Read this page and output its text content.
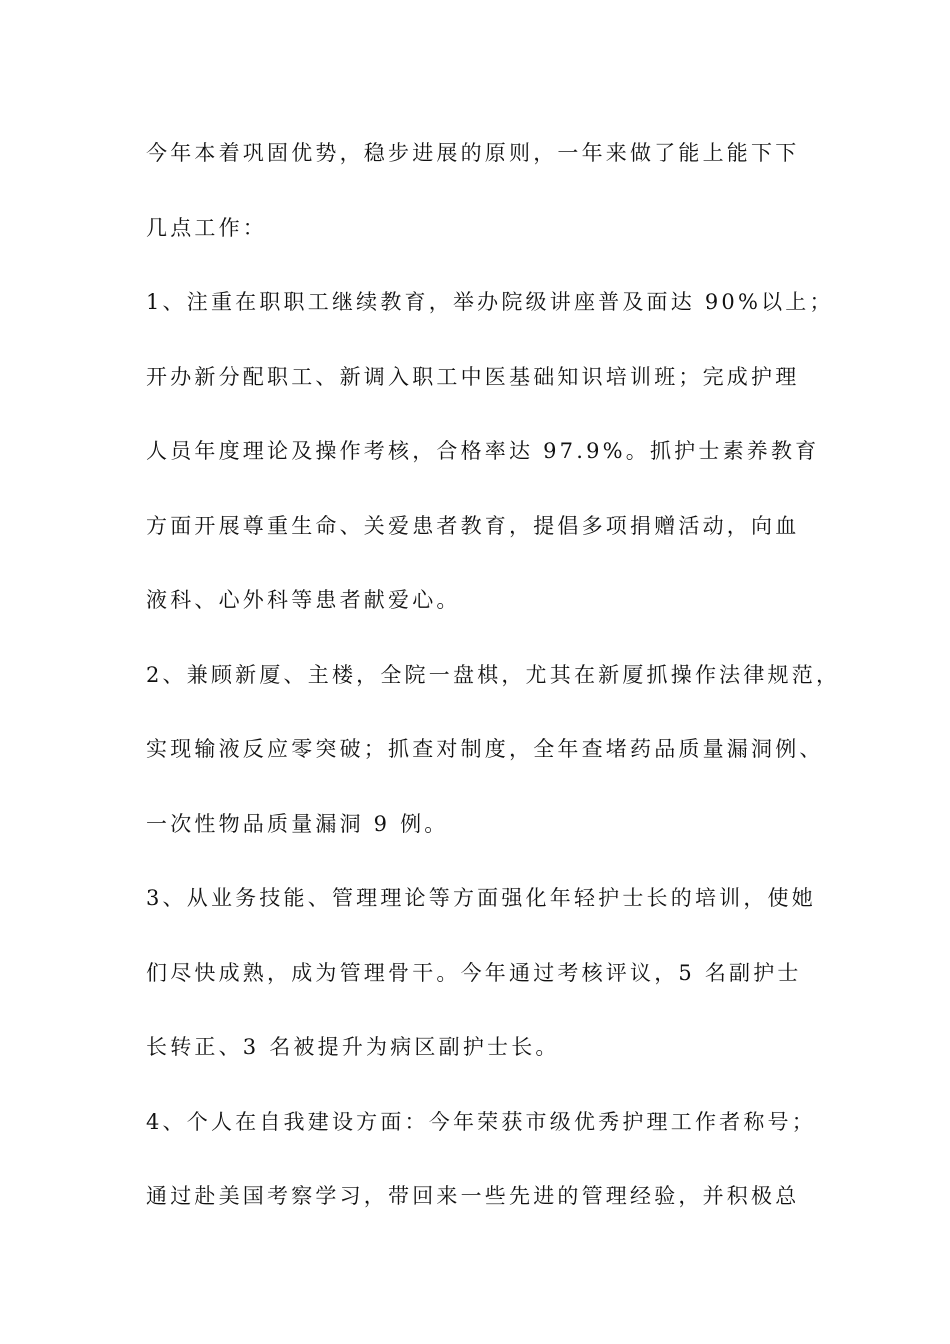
今年本着巩固优势，稳步进展的原则，一年来做了能上能下下
几点工作：
1、注重在职职工继续教育，举办院级讲座普及面达 90%以上；
开办新分配职工、新调入职工中医基础知识培训班；完成护理
人员年度理论及操作考核，合格率达 97.9%。抓护士素养教育
方面开展尊重生命、关爱患者教育，提倡多项捐赠活动，向血
液科、心外科等患者献爱心。
2、兼顾新厦、主楼，全院一盘棋，尤其在新厦抓操作法律规范，
实现输液反应零突破；抓查对制度，全年查堵药品质量漏洞例、
一次性物品质量漏洞 9 例。
3、从业务技能、管理理论等方面强化年轻护士长的培训，使她
们尽快成熟，成为管理骨干。今年通过考核评议，5 名副护士
长转正、3 名被提升为病区副护士长。
4、个人在自我建设方面：今年荣获市级优秀护理工作者称号；
通过赴美国考察学习，带回来一些先进的管理经验，并积极总
